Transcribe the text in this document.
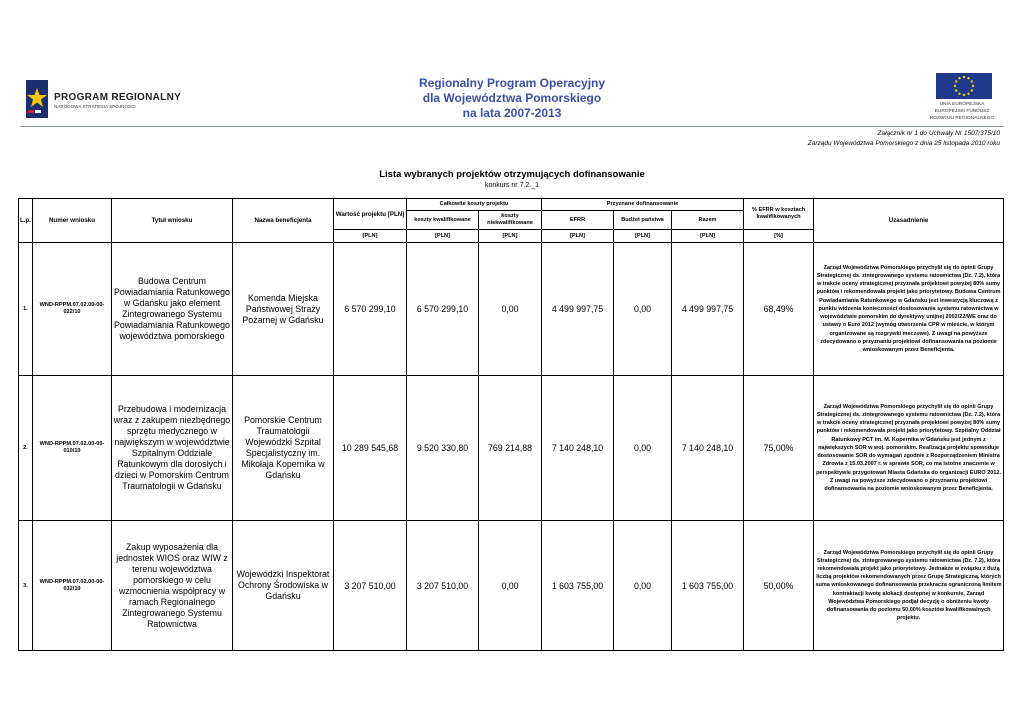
PROGRAM REGIONALNY
NARODOWA STRATEGIA SPÓJNOŚCI
Regionalny Program Operacyjny
dla Województwa Pomorskiego
na lata 2007-2013
UNIA EUROPEJSKA
EUROPEJSKI FUNDUSZ
ROZWOJU REGIONALNEGO
Załącznik nr 1 do Uchwały Nr 1507/375/10
Zarządu Województwa Pomorskiego z dnia 25 listopada 2010 roku
Lista wybranych projektów otrzymujących dofinansowanie
konkurs nr 7.2._1
L.p.	Numer wniosku	Tytuł wniosku	Nazwa beneficjenta	Wartość projektu [PLN]	Całkowite koszty projektu		Przyznane dofinansowanie			% EFRR w kosztach kwalifikowanych	Uzasadnienie
					koszty kwalifikowane	koszty niekwalifikowane	EFRR	Budżet państwa	Razem		
				[PLN]	[PLN]	[PLN]	[PLN]	[PLN]	[PLN]	[%]	
1.	WND-RPPM.07.02.00-00-022/10	Budowa Centrum Powiadamiania Ratunkowego w Gdańsku jako element Zintegrowanego Systemu Powiadamiania Ratunkowego województwa pomorskiego	Komenda Miejska Państwowej Straży Pożarnej w Gdańsku	6 570 299,10	6 570 299,10	0,00	4 499 997,75	0,00	4 499 997,75	68,49%	Zarząd Województwa Pomorskiego przychylił się do opinii Grupy Strategicznej ds. zintegrowanego systemu ratownictwa (Dz. 7.2), która w trakcie oceny strategicznej przyznała projektowi powyżej 80% sumy punktów i rekomendowała projekt jako priorytetowy. Budowa Centrum Powiadamiania Ratunkowego w Gdańsku jest inwestycją kluczową z punktu widzenia konieczności dostosowania systemu ratownictwa w województwie pomorskim do dyrektywy unijnej 2002/22/WE oraz do ustawy o Euro 2012 (wymóg utworzenia CPR w mieście, w którym organizowane są rozgrywki meczowe). Z uwagi na powyższe zdecydowano o przyznaniu projektowi dofinansowania na poziomie wnioskowanym przez Beneficjenta.
2.	WND-RPPM.07.02.00-00-010/10	Przebudowa i modernizacja wraz z zakupem niezbędnego sprzętu medycznego w największym w województwie Szpitalnym Oddziale Ratunkowym dla dorosłych i dzieci w Pomorskim Centrum Traumatologii w Gdańsku	Pomorskie Centrum Traumatologii Wojewódzki Szpital Specjalistyczny im. Mikołaja Kopernika w Gdańsku	10 289 545,68	9 520 330,80	769 214,88	7 140 248,10	0,00	7 140 248,10	75,00%	Zarząd Województwa Pomorskiego przychylił się do opinii Grupy Strategicznej ds. zintegrowanego systemu ratownictwa (Dz. 7.2), która w trakcie oceny strategicznej przyznała projektowi powyżej 80% sumy punktów i rekomendowała projekt jako priorytetowy. Szpitalny Oddział Ratunkowy PCT im. M. Kopernika w Gdańsku jest jednym z największych SOR w woj. pomorskim. Realizacja projektu spowoduje dostosowanie SOR do wymagań zgodnie z Rozporządzeniem Ministra Zdrowia z 15.03.2007 r. w sprawie SOR, co ma istotne znaczenie w perspektywie przygotowań Miasta Gdańska do organizacji EURO 2012. Z uwagi na powyższe zdecydowano o przyznaniu projektowi dofinansowania na poziomie wnioskowanym przez Beneficjenta.
3.	WND-RPPM.07.02.00-00-032/10	Zakup wyposażenia dla jednostek WIOS oraz WIW z terenu województwa pomorskiego w celu wzmocnienia współpracy w ramach Regionalnego Zintegrowanego Systemu Ratownictwa	Wojewódzki Inspektorat Ochrony Środowiska w Gdańsku	3 207 510,00	3 207 510,00	0,00	1 603 755,00	0,00	1 603 755,00	50,00%	Zarząd Województwa Pomorskiego przychylił się do opinii Grupy Strategicznej ds. zintegrowanego systemu ratownictwa (Dz. 7.2), która rekomendowała projekt jako priorytetowy. Jednakże w związku z dużą liczbą projektów rekomendowanych przez Grupę Strategiczną, których suma wnioskowanego dofinansowania przekracza ograniczoną limitem kontraktacji kwotę alokacji dostępnej w konkursie, Zarząd Województwa Pomorskiego podjął decyzję o obniżeniu kwoty dofinansowania do poziomu 50,00% kosztów kwalifikowalnych projektu.
